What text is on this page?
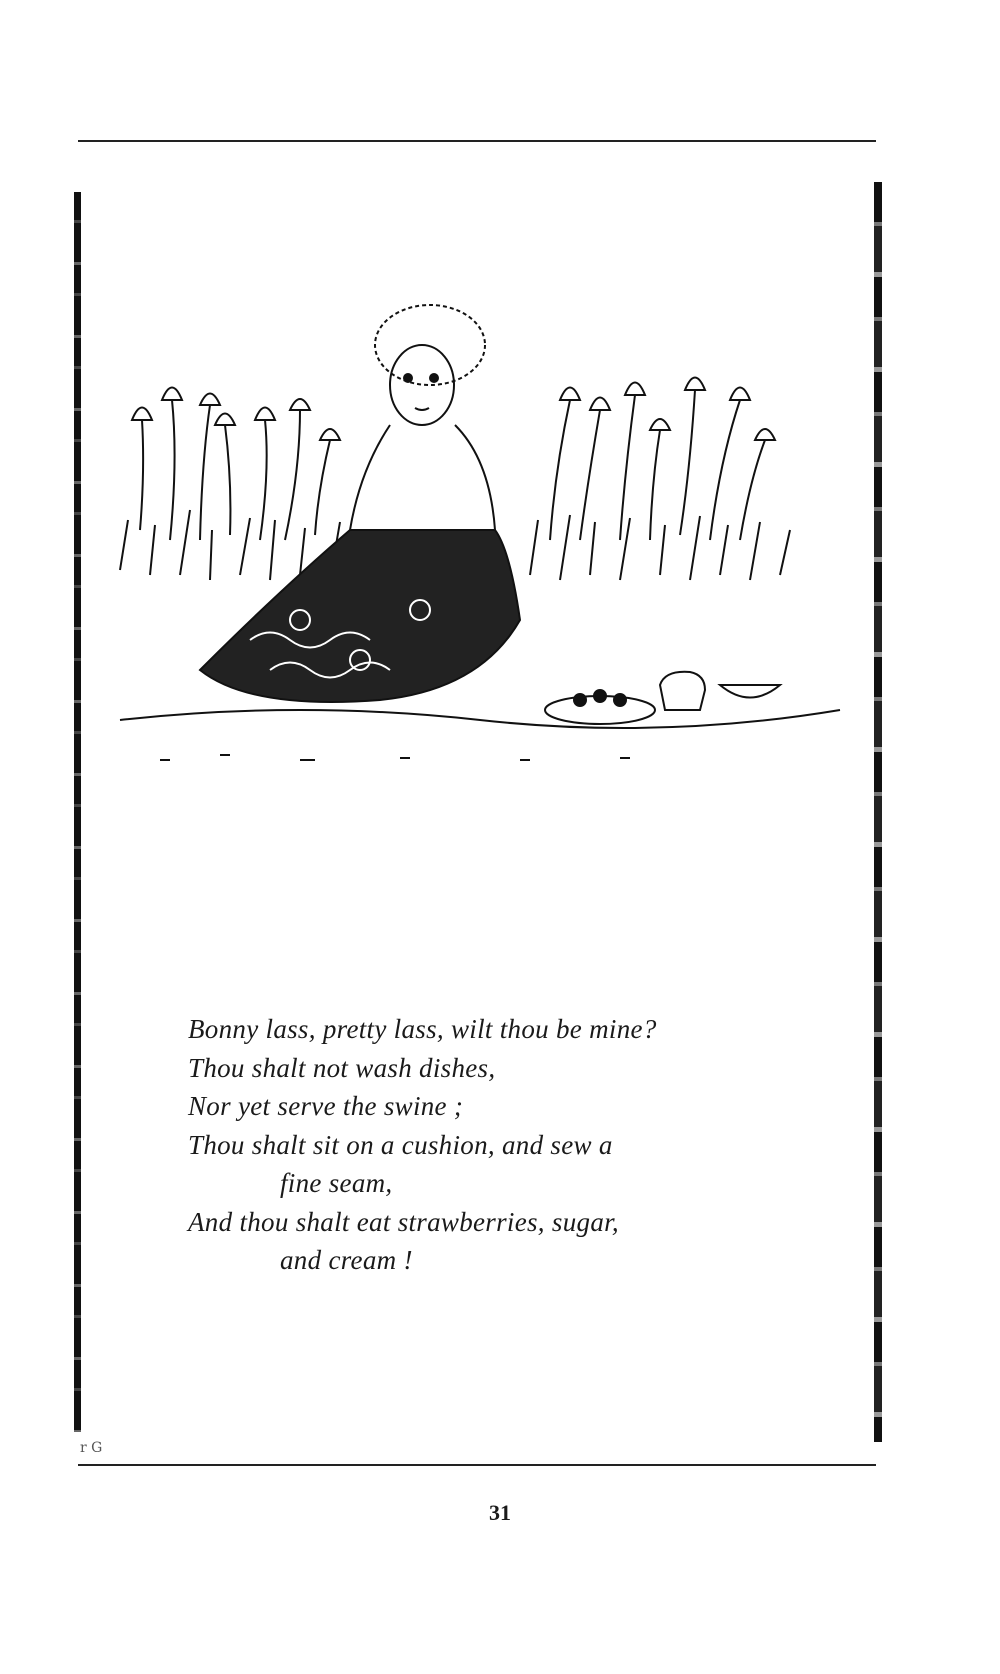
r G
Bonny lass, pretty lass, wilt thou be mine?
Thou shalt not wash dishes,
Nor yet serve the swine ;
Thou shalt sit on a cushion, and sew a
fine seam,
And thou shalt eat strawberries, sugar,
and cream !
31
